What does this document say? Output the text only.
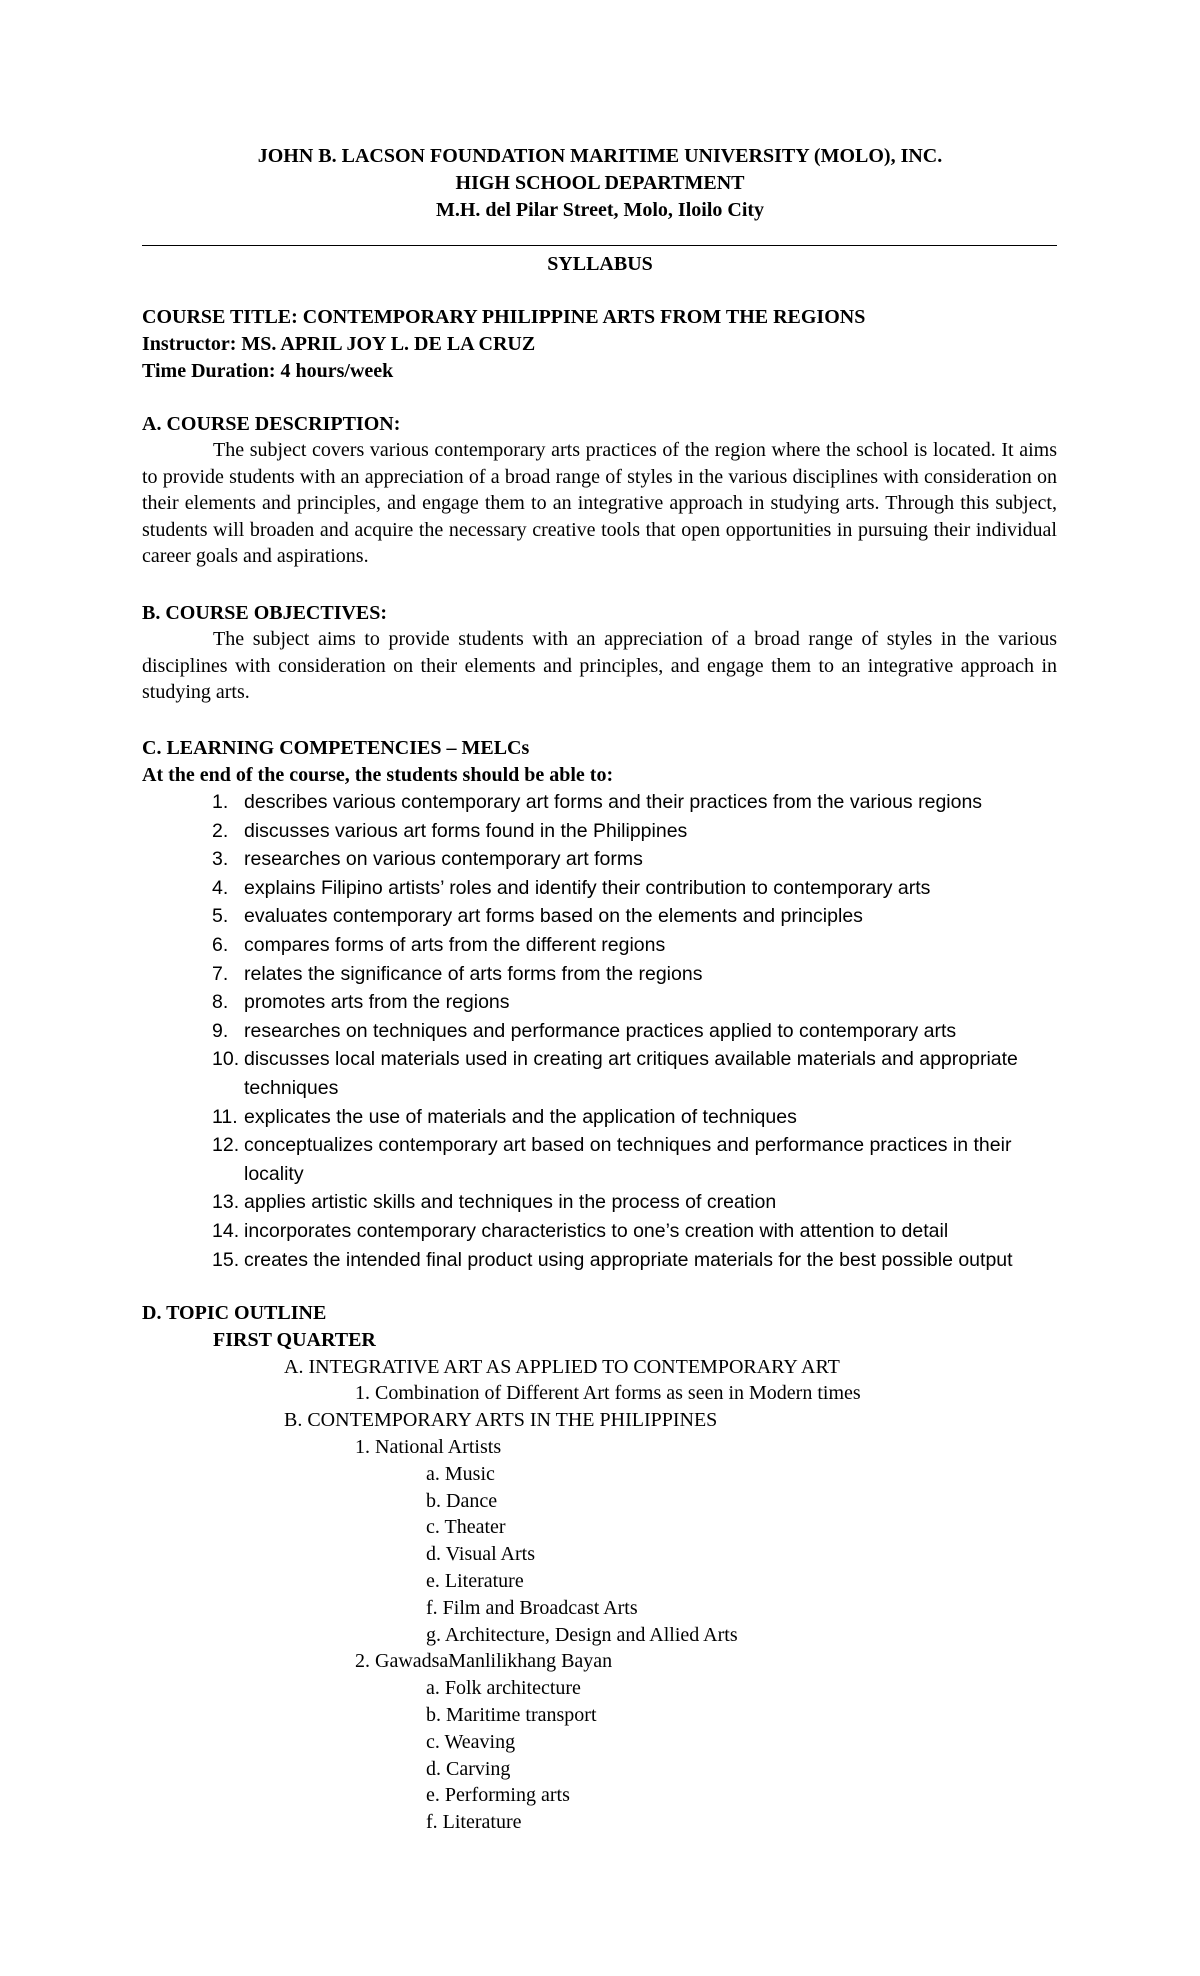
JOHN B. LACSON FOUNDATION MARITIME UNIVERSITY (MOLO), INC.
HIGH SCHOOL DEPARTMENT
M.H. del Pilar Street, Molo, Iloilo City
SYLLABUS
COURSE TITLE: CONTEMPORARY PHILIPPINE ARTS FROM THE REGIONS
Instructor: MS. APRIL JOY L. DE LA CRUZ
Time Duration: 4 hours/week
A. COURSE DESCRIPTION:
The subject covers various contemporary arts practices of the region where the school is located. It aims to provide students with an appreciation of a broad range of styles in the various disciplines with consideration on their elements and principles, and engage them to an integrative approach in studying arts. Through this subject, students will broaden and acquire the necessary creative tools that open opportunities in pursuing their individual career goals and aspirations.
B. COURSE OBJECTIVES:
The subject aims to provide students with an appreciation of a broad range of styles in the various disciplines with consideration on their elements and principles, and engage them to an integrative approach in studying arts.
C. LEARNING COMPETENCIES – MELCs
At the end of the course, the students should be able to:
1. describes various contemporary art forms and their practices from the various regions
2. discusses various art forms found in the Philippines
3. researches on various contemporary art forms
4. explains Filipino artists’ roles and identify their contribution to contemporary arts
5. evaluates contemporary art forms based on the elements and principles
6. compares forms of arts from the different regions
7. relates the significance of arts forms from the regions
8. promotes arts from the regions
9. researches on techniques and performance practices applied to contemporary arts
10. discusses local materials used in creating art critiques available materials and appropriate techniques
11. explicates the use of materials and the application of techniques
12. conceptualizes contemporary art based on techniques and performance practices in their locality
13. applies artistic skills and techniques in the process of creation
14. incorporates contemporary characteristics to one’s creation with attention to detail
15. creates the intended final product using appropriate materials for the best possible output
D. TOPIC OUTLINE
FIRST QUARTER
A. INTEGRATIVE ART AS APPLIED TO CONTEMPORARY ART
1. Combination of Different Art forms as seen in Modern times
B. CONTEMPORARY ARTS IN THE PHILIPPINES
1. National Artists
a. Music
b. Dance
c. Theater
d. Visual Arts
e. Literature
f. Film and Broadcast Arts
g. Architecture, Design and Allied Arts
2. GawadsaManlilikhang Bayan
a. Folk architecture
b. Maritime transport
c. Weaving
d. Carving
e. Performing arts
f. Literature
